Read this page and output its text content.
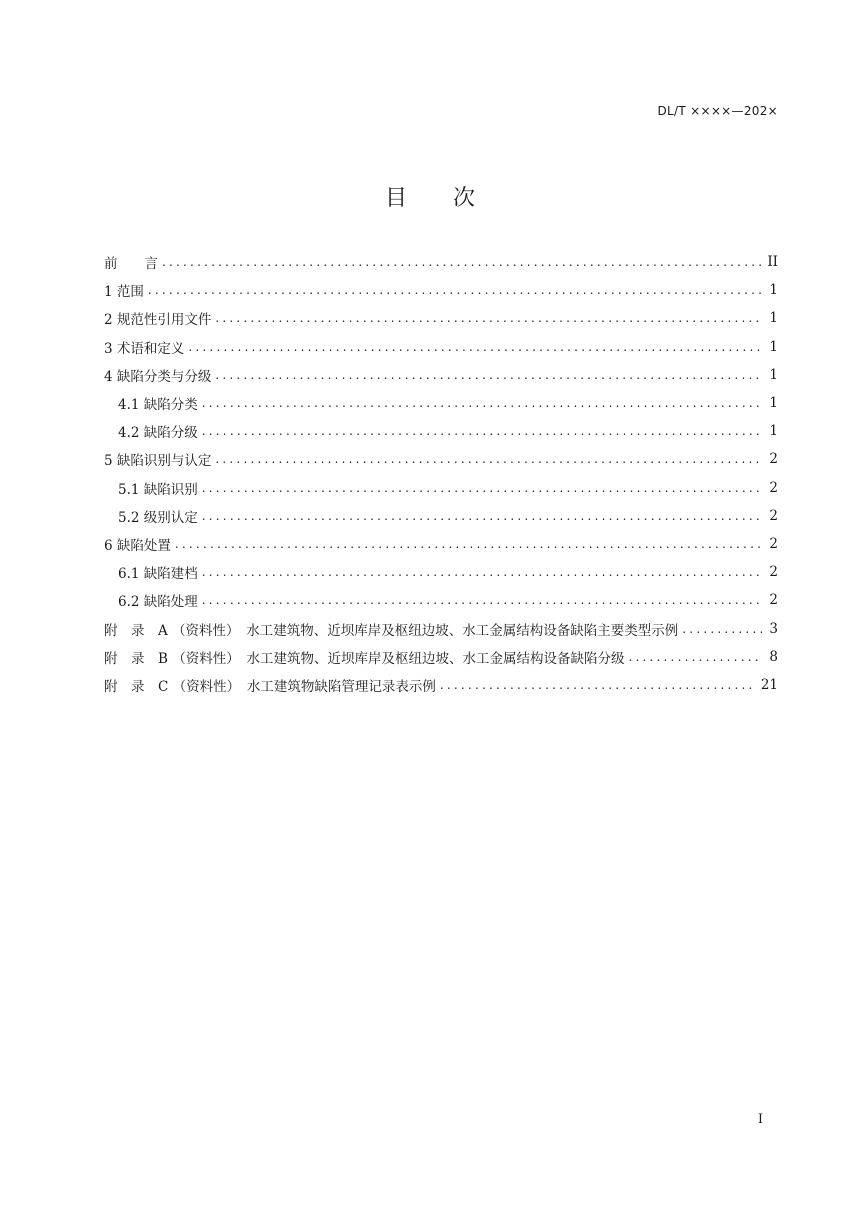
DL/T ××××—202×
目 次
前　　言 .....	II
1 范围 .....	1
2 规范性引用文件 .....	1
3 术语和定义 .....	1
4 缺陷分类与分级 .....	1
4.1 缺陷分类 .....	1
4.2 缺陷分级 .....	1
5 缺陷识别与认定 .....	2
5.1 缺陷识别 .....	2
5.2 级别认定 .....	2
6 缺陷处置 .....	2
6.1 缺陷建档 .....	2
6.2 缺陷处理 .....	2
附　录　A （资料性）　水工建筑物、近坝库岸及枢纽边坡、水工金属结构设备缺陷主要类型示例 .....	3
附　录　B （资料性）　水工建筑物、近坝库岸及枢纽边坡、水工金属结构设备缺陷分级 .....	8
附　录　C （资料性）　水工建筑物缺陷管理记录表示例 .....	21
I
